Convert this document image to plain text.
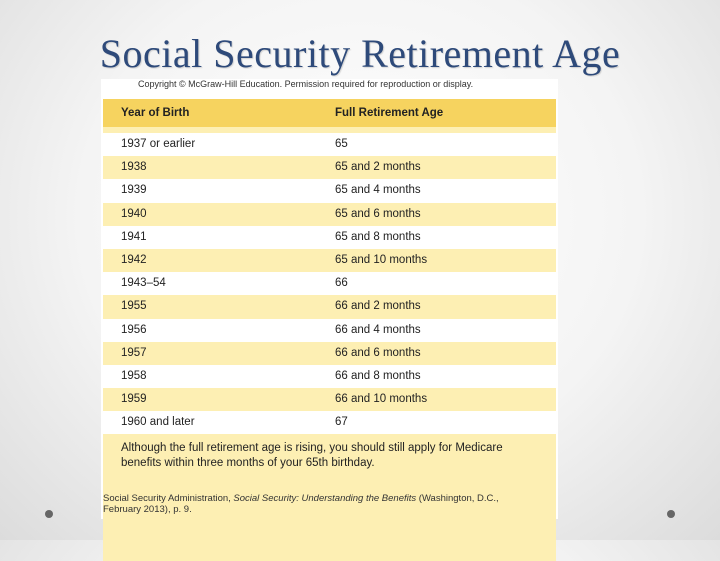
Social Security Retirement Age
Copyright © McGraw-Hill Education. Permission required for reproduction or display.
Year of Birth	Full Retirement Age
1937 or earlier	65
1938	65 and 2 months
1939	65 and 4 months
1940	65 and 6 months
1941	65 and 8 months
1942	65 and 10 months
1943–54	66
1955	66 and 2 months
1956	66 and 4 months
1957	66 and 6 months
1958	66 and 8 months
1959	66 and 10 months
1960 and later	67
Although the full retirement age is rising, you should still apply for Medicare benefits within three months of your 65th birthday.
Social Security Administration, Social Security: Understanding the Benefits (Washington, D.C., February 2013), p. 9.
